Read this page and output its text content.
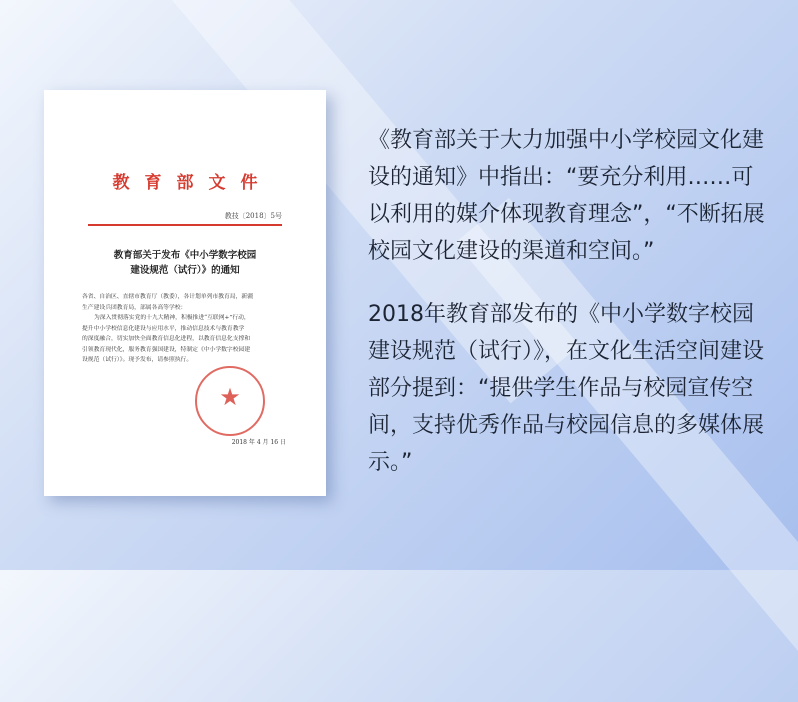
教育部文件
教技〔2018〕5号
教育部关于发布《中小学数字校园
建设规范（试行）》的通知

各省、自治区、直辖市教育厅（教委），各计划单列市教育局，新疆

生产建设兵团教育局，部属各高等学校：

为深入贯彻落实党的十九大精神，积极推进“互联网+”行动，

提升中小学校信息化建设与应用水平，推动信息技术与教育教学

的深度融合，切实加快全面教育信息化进程，以教育信息化支撑和

引领教育现代化，服务教育强国建设，特制定《中小学数字校园建

设规范（试行）》。现予发布，请参照执行。

★
2018 年 4 月 16 日

《教育部关于大力加强中小学校园文化建设的通知》中指出：“要充分利用……可以利用的媒介体现教育理念”，“不断拓展校园文化建设的渠道和空间。”

2018年教育部发布的《中小学数字校园建设规范（试行）》，在文化生活空间建设部分提到：“提供学生作品与校园宣传空间，支持优秀作品与校园信息的多媒体展示。”
